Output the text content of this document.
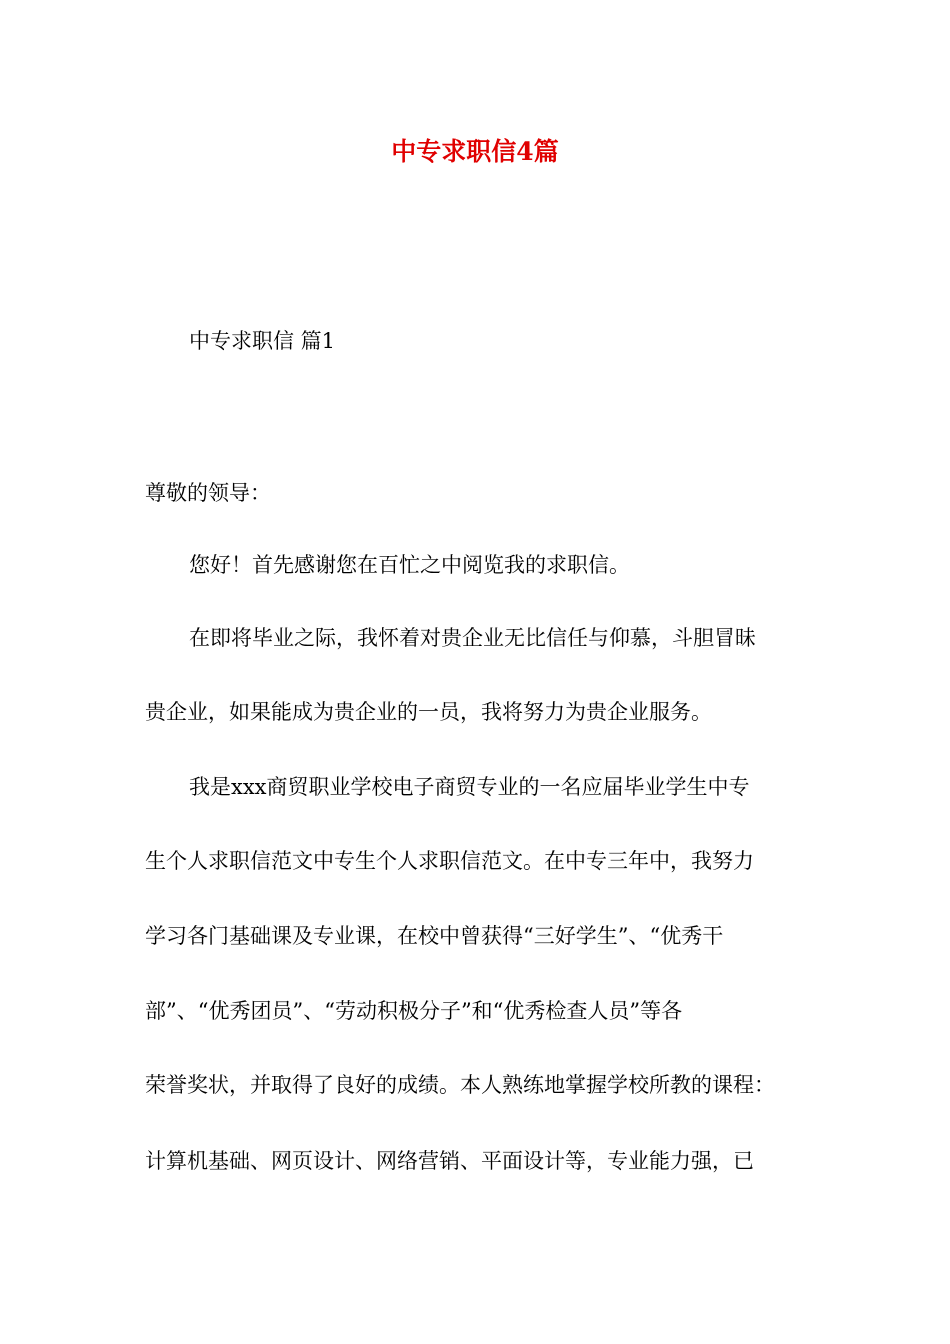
中专求职信4篇

中专求职信 篇1

尊敬的领导：

您好！首先感谢您在百忙之中阅览我的求职信。

在即将毕业之际，我怀着对贵企业无比信任与仰慕，斗胆冒昧

贵企业，如果能成为贵企业的一员，我将努力为贵企业服务。

我是xxx商贸职业学校电子商贸专业的一名应届毕业学生中专

生个人求职信范文中专生个人求职信范文。在中专三年中，我努力

学习各门基础课及专业课，在校中曾获得“三好学生”、“优秀干

部”、“优秀团员”、“劳动积极分子”和“优秀检查人员”等各

荣誉奖状，并取得了良好的成绩。本人熟练地掌握学校所教的课程：

计算机基础、网页设计、网络营销、平面设计等，专业能力强，已
